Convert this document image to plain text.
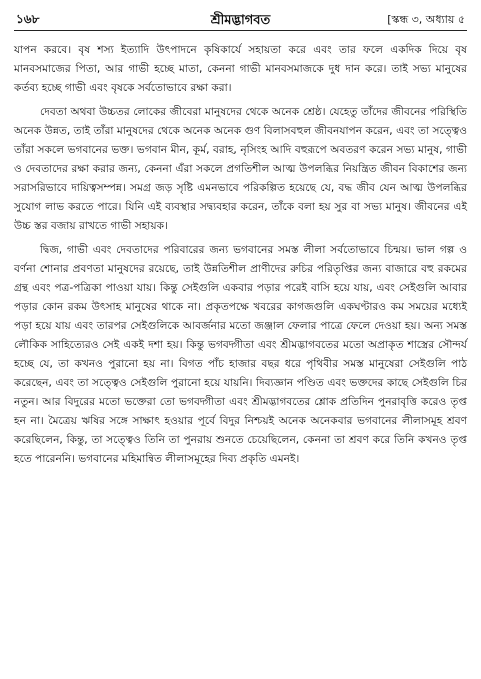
১৬৮	শ্রীমদ্ভাগবত	[স্কন্ধ ৩, অধ্যায় ৫

যাপন করবে। বৃষ শস্য ইত্যাদি উৎপাদনে কৃষিকার্যে সহায়তা করে এবং তার ফলে একদিক দিয়ে বৃষ মানবসমাজের পিতা, আর গাভী হচ্ছে মাতা, কেননা গাভী মানবসমাজকে দুধ দান করে। তাই সভ্য মানুষের কর্তব্য হচ্ছে গাভী এবং বৃষকে সর্বতোভাবে রক্ষা করা।

দেবতা অথবা উচ্চতর লোকের জীবেরা মানুষদের থেকে অনেক শ্রেষ্ঠ। যেহেতু তাঁদের জীবনের পরিস্থিতি অনেক উন্নত, তাই তাঁরা মানুষদের থেকে অনেক অনেক গুণ বিলাসবহুল জীবনযাপন করেন, এবং তা সত্ত্বেও তাঁরা সকলে ভগবানের ভক্ত। ভগবান মীন, কূর্ম, বরাহ, নৃসিংহ আদি বহুরূপে অবতরণ করেন সভ্য মানুষ, গাভী ও দেবতাদের রক্ষা করার জন্য, কেননা এঁরা সকলে প্রগতিশীল আত্ম উপলব্ধির নিয়ন্ত্রিত জীবন বিকাশের জন্য সরাসরিভাবে দায়িত্বসম্পন্ন। সমগ্র জড় সৃষ্টি এমনভাবে পরিকল্পিত হয়েছে যে, বদ্ধ জীব যেন আত্ম উপলব্ধির সুযোগ লাভ করতে পারে। যিনি এই ব্যবস্থার সদ্ব্যবহার করেন, তাঁকে বলা হয় সুর বা সভ্য মানুষ। জীবনের এই উচ্চ স্তর বজায় রাখতে গাভী সহায়ক।

দ্বিজ, গাভী এবং দেবতাদের পরিবারের জন্য ভগবানের সমস্ত লীলা সর্বতোভাবে চিন্ময়। ভাল গল্প ও বর্ণনা শোনার প্রবণতা মানুষদের রয়েছে, তাই উন্নতিশীল প্রাণীদের রুচির পরিতৃপ্তির জন্য বাজারে বহু রকমের গ্রন্থ এবং পত্র-পত্রিকা পাওয়া যায়। কিন্তু সেইগুলি একবার পড়ার পরেই বাসি হয়ে যায়, এবং সেইগুলি আবার পড়ার কোন রকম উৎসাহ মানুষের থাকে না। প্রকৃতপক্ষে খবরের কাগজগুলি একঘণ্টারও কম সময়ের মধ্যেই পড়া হয়ে যায় এবং তারপর সেইগুলিকে আবর্জনার মতো জঞ্জাল ফেলার পাত্রে ফেলে দেওয়া হয়। অন্য সমস্ত লৌকিক সাহিত্যেরও সেই একই দশা হয়। কিন্তু ভগবদ্গীতা এবং শ্রীমদ্ভাগবতের মতো অপ্রাকৃত শাস্ত্রের সৌন্দর্য হচ্ছে যে, তা কখনও পুরানো হয় না। বিগত পাঁচ হাজার বছর ধরে পৃথিবীর সমস্ত মানুষেরা সেইগুলি পাঠ করেছেন, এবং তা সত্ত্বেও সেইগুলি পুরানো হয়ে যায়নি। দিব্যজ্ঞান পণ্ডিত এবং ভক্তদের কাছে সেইগুলি চির নতুন। আর বিদুরের মতো ভক্তেরা তো ভগবদ্গীতা এবং শ্রীমদ্ভাগবতের শ্লোক প্রতিদিন পুনরাবৃত্তি করেও তৃপ্ত হন না। মৈত্রেয় ঋষির সঙ্গে সাক্ষাৎ হওয়ার পূর্বে বিদুর নিশ্চয়ই অনেক অনেকবার ভগবানের লীলাসমূহ শ্রবণ করেছিলেন, কিন্তু, তা সত্ত্বেও তিনি তা পুনরায় শুনতে চেয়েছিলেন, কেননা তা শ্রবণ করে তিনি কখনও তৃপ্ত হতে পারেননি। ভগবানের মহিমান্বিত লীলাসমূহের দিব্য প্রকৃতি এমনই।
